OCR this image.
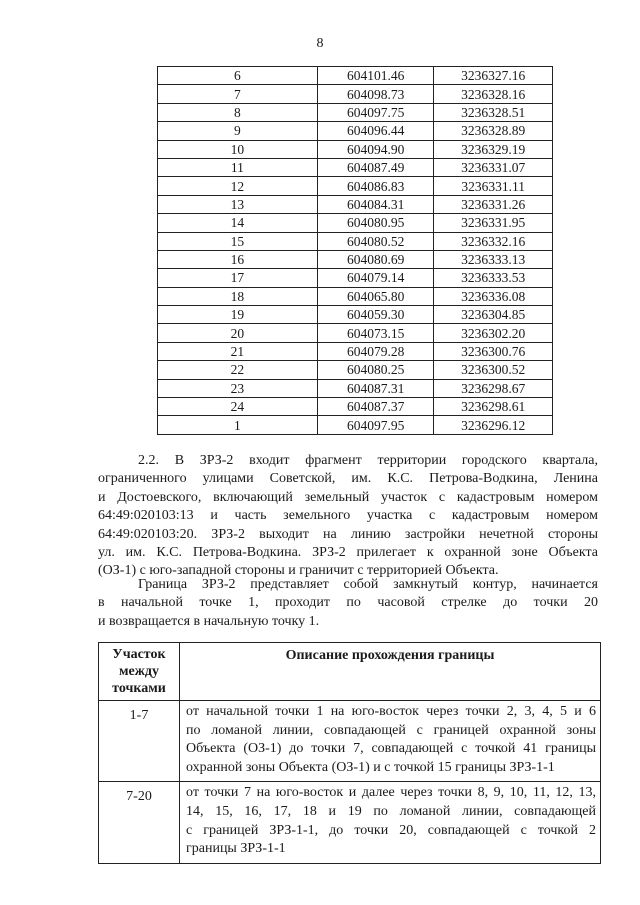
8
6	604101.46	3236327.16
7	604098.73	3236328.16
8	604097.75	3236328.51
9	604096.44	3236328.89
10	604094.90	3236329.19
11	604087.49	3236331.07
12	604086.83	3236331.11
13	604084.31	3236331.26
14	604080.95	3236331.95
15	604080.52	3236332.16
16	604080.69	3236333.13
17	604079.14	3236333.53
18	604065.80	3236336.08
19	604059.30	3236304.85
20	604073.15	3236302.20
21	604079.28	3236300.76
22	604080.25	3236300.52
23	604087.31	3236298.67
24	604087.37	3236298.61
1	604097.95	3236296.12
2.2. В ЗРЗ-2 входит фрагмент территории городского квартала,
ограниченного улицами Советской, им. К.С. Петрова-Водкина, Ленина
и Достоевского, включающий земельный участок с кадастровым номером
64:49:020103:13 и часть земельного участка с кадастровым номером
64:49:020103:20. ЗРЗ-2 выходит на линию застройки нечетной стороны
ул. им. К.С. Петрова-Водкина. ЗРЗ-2 прилегает к охранной зоне Объекта
(ОЗ-1) с юго-западной стороны и граничит с территорией Объекта.
Граница ЗРЗ-2 представляет собой замкнутый контур, начинается
в начальной точке 1, проходит по часовой стрелке до точки 20
и возвращается в начальную точку 1.
Участок
между
точками	Описание прохождения границы
1-7	от начальной точки 1 на юго-восток через точки 2, 3, 4, 5 и 6
по ломаной линии, совпадающей с границей охранной зоны
Объекта (ОЗ-1) до точки 7, совпадающей с точкой 41 границы
охранной зоны Объекта (ОЗ-1) и с точкой 15 границы ЗРЗ-1-1

7-20	от точки 7 на юго-восток и далее через точки 8, 9, 10, 11, 12, 13,
14, 15, 16, 17, 18 и 19 по ломаной линии, совпадающей
с границей ЗРЗ-1-1, до точки 20, совпадающей с точкой 2
границы ЗРЗ-1-1
